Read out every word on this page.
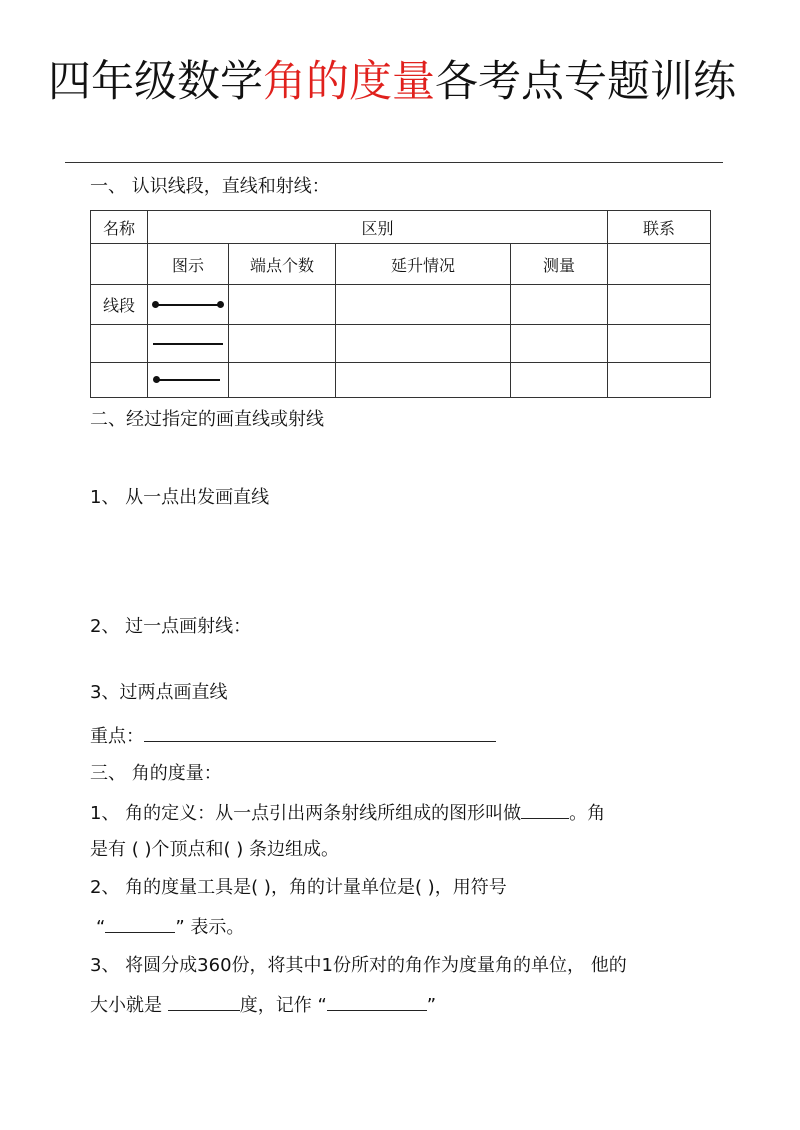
四年级数学角的度量各考点专题训练
一、 认识线段，直线和射线：
名称	区别				联系
	图示	端点个数	延升情况	测量	
线段	

二、经过指定的画直线或射线
1、 从一点出发画直线
2、 过一点画射线：
3、过两点画直线
重点：
三、 角的度量：
1、 角的定义：从一点引出两条射线所组成的图形叫做	。角
是有 ( )个顶点和( ) 条边组成。
2、 角的度量工具是( )，角的计量单位是( )，用符号
“	” 表示。
3、 将圆分成360份，将其中1份所对的角作为度量角的单位， 他的
大小就是	度，记作 “	”
